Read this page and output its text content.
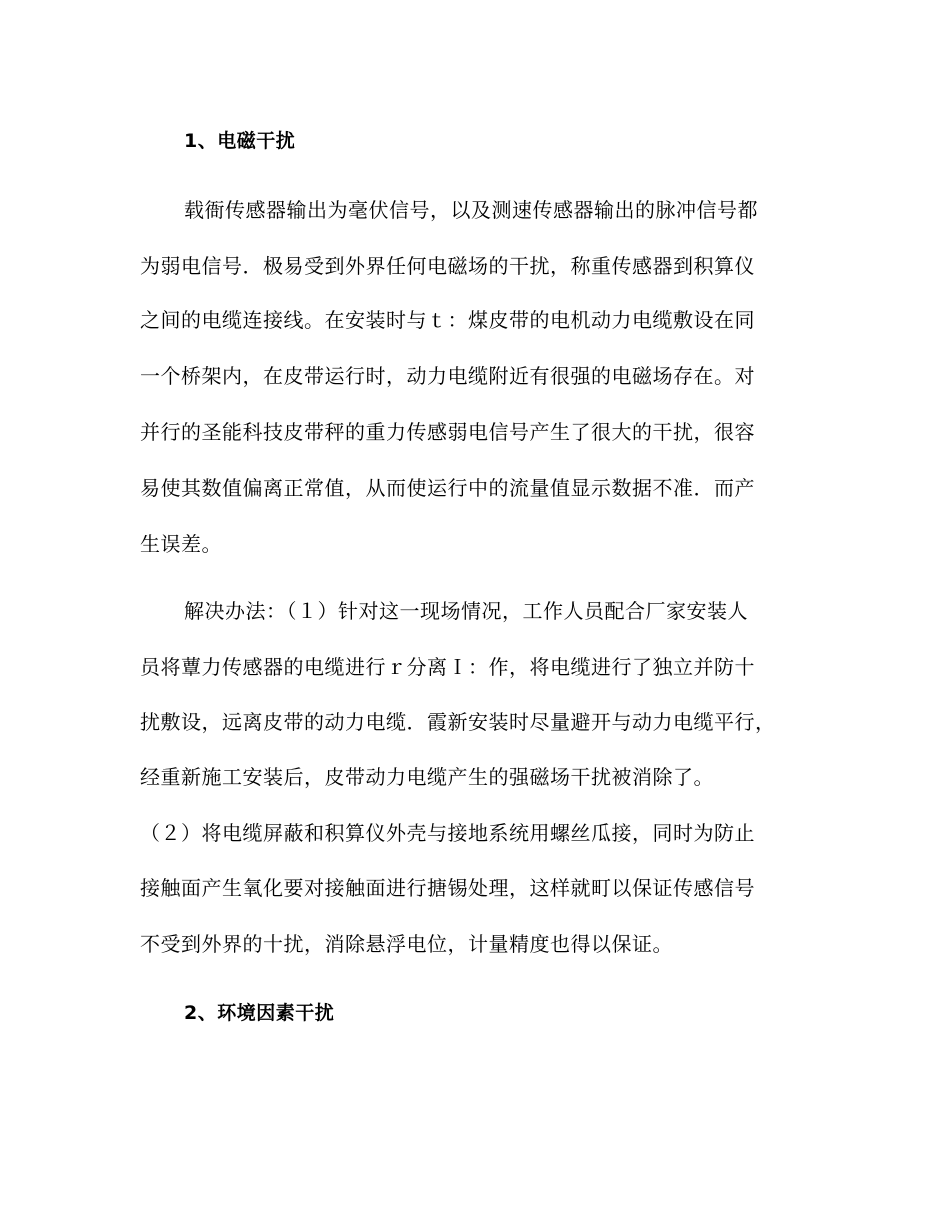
1、电磁干扰
载衙传感器输出为毫伏信号，以及测速传感器输出的脉冲信号都
为弱电信号．极易受到外界任何电磁场的干扰，称重传感器到积算仪
之间的电缆连接线。在安装时与ｔ：煤皮带的电机动力电缆敷设在同
一个桥架内，在皮带运行时，动力电缆附近有很强的电磁场存在。对
并行的圣能科技皮带秤的重力传感弱电信号产生了很大的干扰，很容
易使其数值偏离正常值，从而使运行中的流量值显示数据不准．而产
生误差。
解决办法：（１）针对这一现场情况，工作人员配合厂家安装人
员将蕈力传感器的电缆进行ｒ分离Ｉ：作，将电缆进行了独立并防十
扰敷设，远离皮带的动力电缆．霞新安装时尽量避开与动力电缆平行，
经重新施工安装后，皮带动力电缆产生的强磁场干扰被消除了。
（２）将电缆屏蔽和积算仪外壳与接地系统用螺丝瓜接，同时为防止
接触面产生氧化要对接触面进行搪锡处理，这样就町以保证传感信号
不受到外界的十扰，消除悬浮电位，计量精度也得以保证。
2、环境因素干扰
